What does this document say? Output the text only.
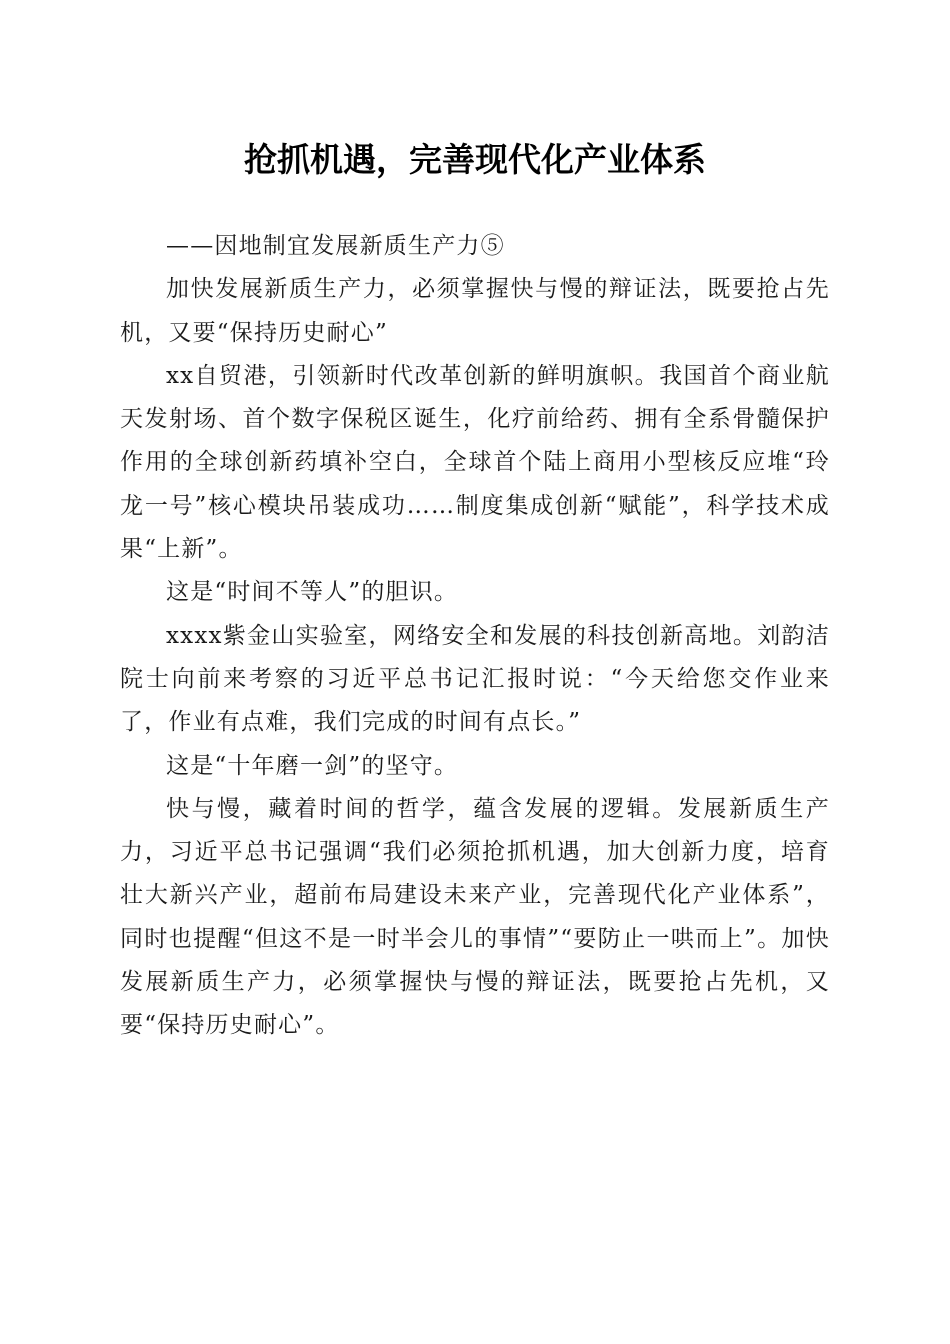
抢抓机遇，完善现代化产业体系

——因地制宜发展新质生产力⑤

加快发展新质生产力，必须掌握快与慢的辩证法，既要抢占先机，又要“保持历史耐心”

xx自贸港，引领新时代改革创新的鲜明旗帜。我国首个商业航天发射场、首个数字保税区诞生，化疗前给药、拥有全系骨髓保护作用的全球创新药填补空白，全球首个陆上商用小型核反应堆“玲龙一号”核心模块吊装成功……制度集成创新“赋能”，科学技术成果“上新”。

这是“时间不等人”的胆识。

xxxx紫金山实验室，网络安全和发展的科技创新高地。刘韵洁院士向前来考察的习近平总书记汇报时说：“今天给您交作业来了，作业有点难，我们完成的时间有点长。”

这是“十年磨一剑”的坚守。

快与慢，藏着时间的哲学，蕴含发展的逻辑。发展新质生产力，习近平总书记强调“我们必须抢抓机遇，加大创新力度，培育壮大新兴产业，超前布局建设未来产业，完善现代化产业体系”，同时也提醒“但这不是一时半会儿的事情”“要防止一哄而上”。加快发展新质生产力，必须掌握快与慢的辩证法，既要抢占先机，又要“保持历史耐心”。
